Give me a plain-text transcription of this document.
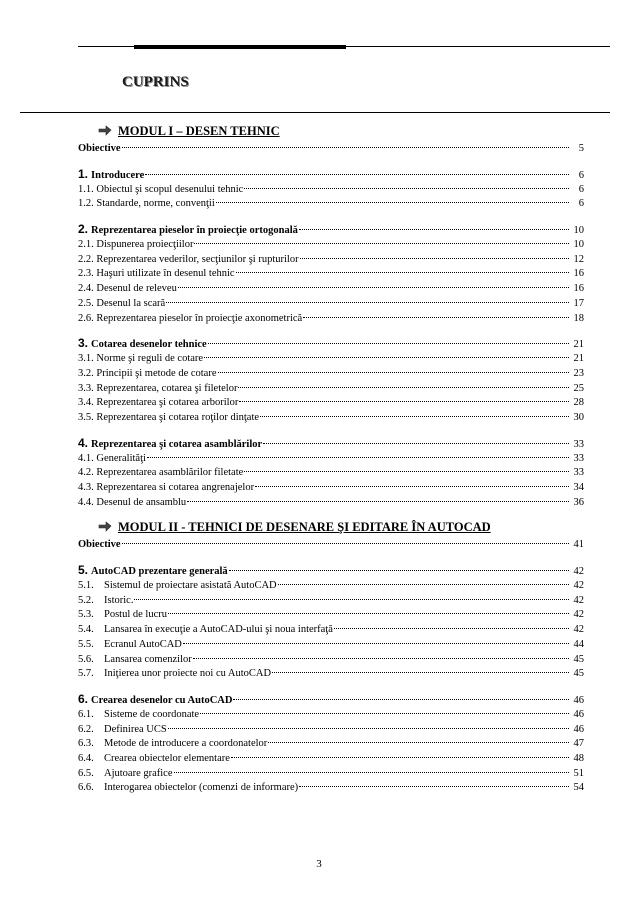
CUPRINS
MODUL I – DESEN TEHNIC
Obiective	5
1. Introducere	6
1.1. Obiectul şi scopul desenului tehnic	6
1.2. Standarde, norme, convenţii	6
2. Reprezentarea pieselor în proiecţie ortogonală	10
2.1. Dispunerea proiecţiilor	10
2.2. Reprezentarea vederilor, secţiunilor şi rupturilor	12
2.3. Haşuri utilizate în desenul tehnic	16
2.4. Desenul de releveu	16
2.5. Desenul la scară	17
2.6. Reprezentarea pieselor în proiecţie axonometrică	18
3. Cotarea desenelor tehnice	21
3.1. Norme şi reguli de cotare	21
3.2. Principii şi metode de cotare	23
3.3. Reprezentarea, cotarea şi filetelor	25
3.4. Reprezentarea şi cotarea arborilor	28
3.5. Reprezentarea şi cotarea roţilor dinţate	30
4. Reprezentarea şi cotarea asamblărilor	33
4.1. Generalităţi	33
4.2. Reprezentarea asamblărilor filetate	33
4.3. Reprezentarea si cotarea angrenajelor	34
4.4. Desenul de ansamblu	36
MODUL II - TEHNICI DE DESENARE ŞI EDITARE ÎN AUTOCAD
Obiective	41
5. AutoCAD prezentare generală	42
5.1. Sistemul de proiectare asistată AutoCAD	42
5.2. Istoric.	42
5.3. Postul de lucru	42
5.4. Lansarea în execuţie a AutoCAD-ului şi noua interfaţă	42
5.5. Ecranul AutoCAD	44
5.6. Lansarea comenzilor	45
5.7. Iniţierea unor proiecte noi cu AutoCAD	45
6. Crearea desenelor cu AutoCAD	46
6.1. Sisteme de coordonate	46
6.2. Definirea UCS	46
6.3. Metode de introducere a coordonatelor	47
6.4. Crearea obiectelor elementare	48
6.5. Ajutoare grafice	51
6.6. Interogarea obiectelor (comenzi de informare)	54
3
